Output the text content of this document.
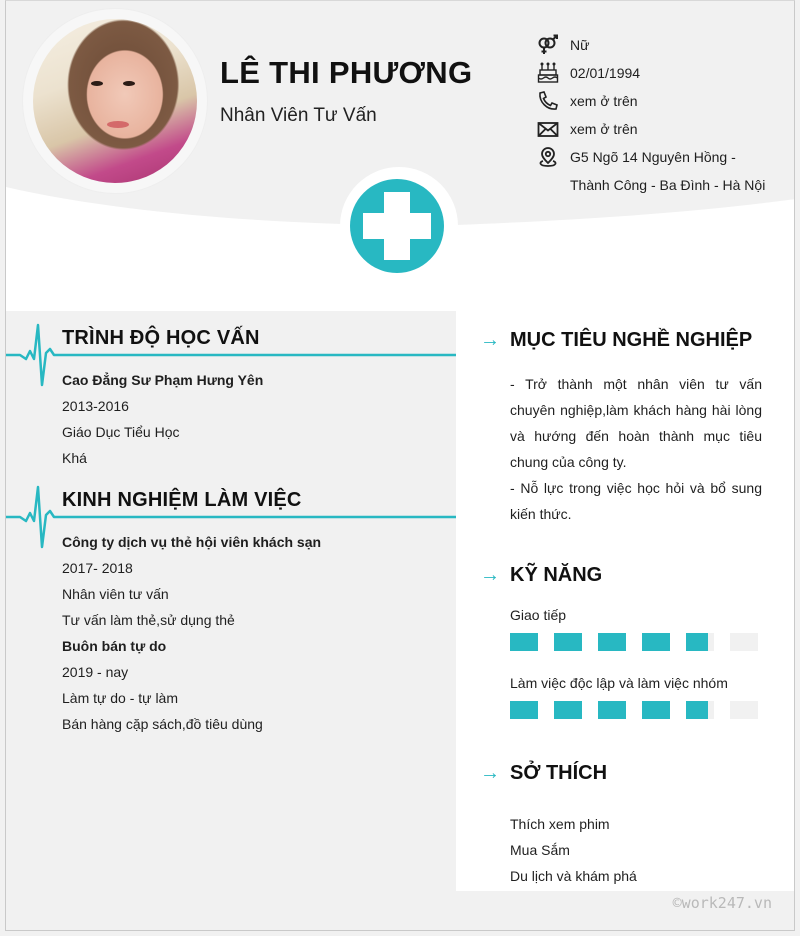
LÊ THI PHƯƠNG
Nhân Viên Tư Vấn
Nữ
02/01/1994
xem ở trên
xem ở trên
G5 Ngõ 14 Nguyên Hồng -
Thành Công - Ba Đình - Hà Nội
TRÌNH ĐỘ HỌC VẤN
Cao Đẳng Sư Phạm Hưng Yên
2013-2016
Giáo Dục Tiểu Học
Khá
KINH NGHIỆM LÀM VIỆC
Công ty dịch vụ thẻ hội viên khách sạn
2017- 2018
Nhân viên tư vấn
Tư vấn làm thẻ,sử dụng thẻ
Buôn bán tự do
2019 - nay
Làm tự do - tự làm
Bán hàng cặp sách,đồ tiêu dùng
→ MỤC TIÊU NGHỀ NGHIỆP
- Trở thành một nhân viên tư vấn chuyên nghiệp,làm khách hàng hài lòng và hướng đến hoàn thành mục tiêu chung của công ty.
- Nỗ lực trong việc học hỏi và bổ sung kiến thức.
→ KỸ NĂNG
Giao tiếp
Làm việc độc lập và làm việc nhóm
→ SỞ THÍCH
Thích xem phim
Mua Sắm
Du lịch và khám phá
©work247.vn
